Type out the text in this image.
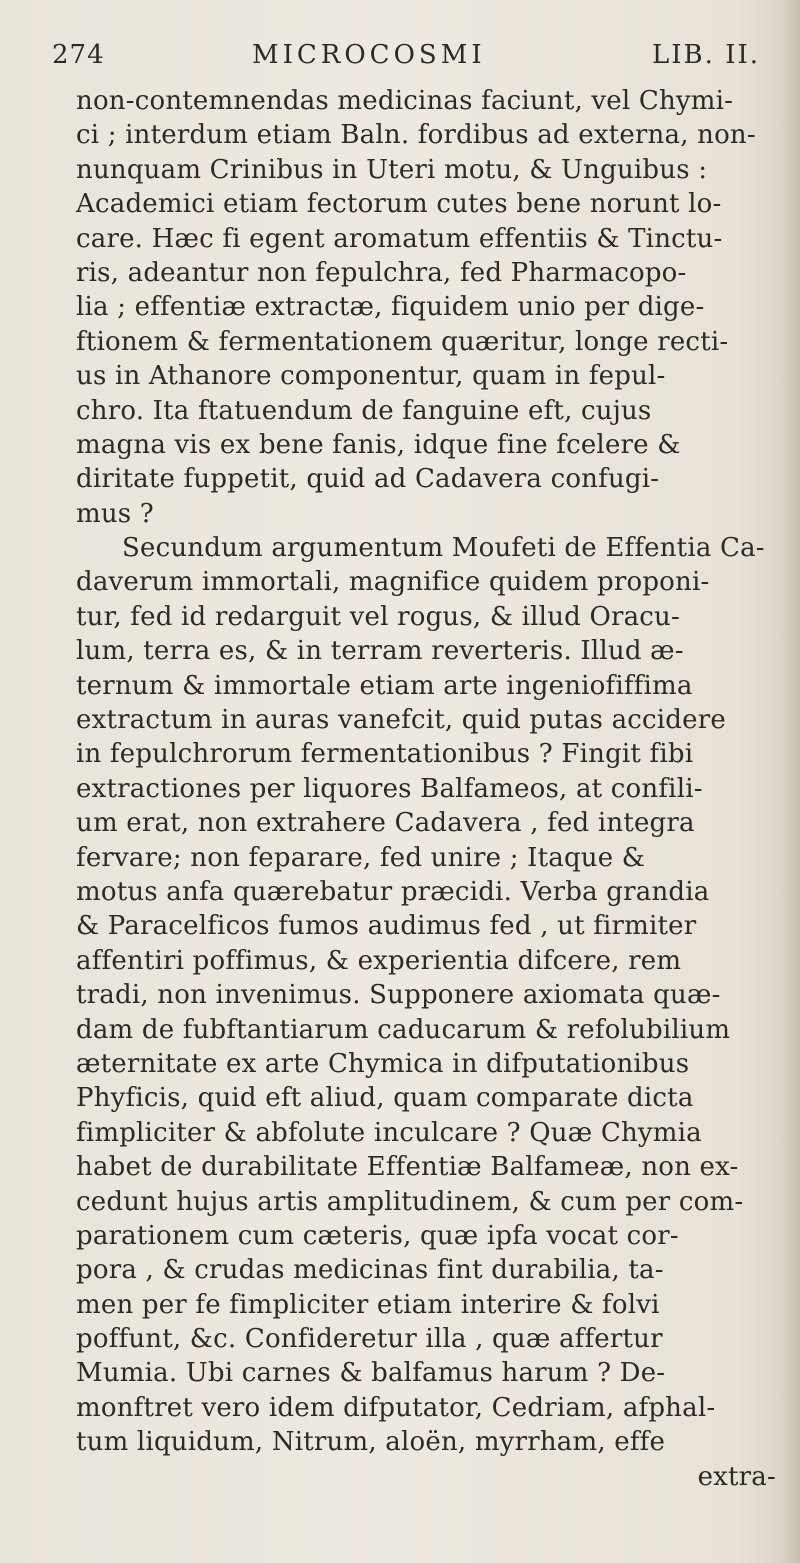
274	MICROCOSMI	LIB. II.
non-contemnendas medicinas faciunt, vel Chymi-
ci ; interdum etiam Baln. fordibus ad externa, non-
nunquam Crinibus in Uteri motu, & Unguibus :
Academici etiam fectorum cutes bene norunt lo-
care. Hæc fi egent aromatum effentiis & Tinctu-
ris, adeantur non fepulchra, fed Pharmacopo-
lia ; effentiæ extractæ, fiquidem unio per dige-
ftionem & fermentationem quæritur, longe recti-
us in Athanore componentur, quam in fepul-
chro. Ita ftatuendum de fanguine eft, cujus
magna vis ex bene fanis, idque fine fcelere &
diritate fuppetit, quid ad Cadavera confugi-
mus ?
Secundum argumentum Moufeti de Effentia Ca-
daverum immortali, magnifice quidem proponi-
tur, fed id redarguit vel rogus, & illud Oracu-
lum, terra es, & in terram reverteris. Illud æ-
ternum & immortale etiam arte ingeniofiffima
extractum in auras vanefcit, quid putas accidere
in fepulchrorum fermentationibus ? Fingit fibi
extractiones per liquores Balfameos, at confili-
um erat, non extrahere Cadavera , fed integra
fervare; non feparare, fed unire ; Itaque &
motus anfa quærebatur præcidi. Verba grandia
& Paracelficos fumos audimus fed , ut firmiter
affentiri poffimus, & experientia difcere, rem
tradi, non invenimus. Supponere axiomata quæ-
dam de fubftantiarum caducarum & refolubilium
æternitate ex arte Chymica in difputationibus
Phyficis, quid eft aliud, quam comparate dicta
fimpliciter & abfolute inculcare ? Quæ Chymia
habet de durabilitate Effentiæ Balfameæ, non ex-
cedunt hujus artis amplitudinem, & cum per com-
parationem cum cæteris, quæ ipfa vocat cor-
pora , & crudas medicinas fint durabilia, ta-
men per fe fimpliciter etiam interire & folvi
poffunt, &c. Confideretur illa , quæ affertur
Mumia. Ubi carnes & balfamus harum ? De-
monftret vero idem difputator, Cedriam, afphal-
tum liquidum, Nitrum, aloën, myrrham, effe
extra-
